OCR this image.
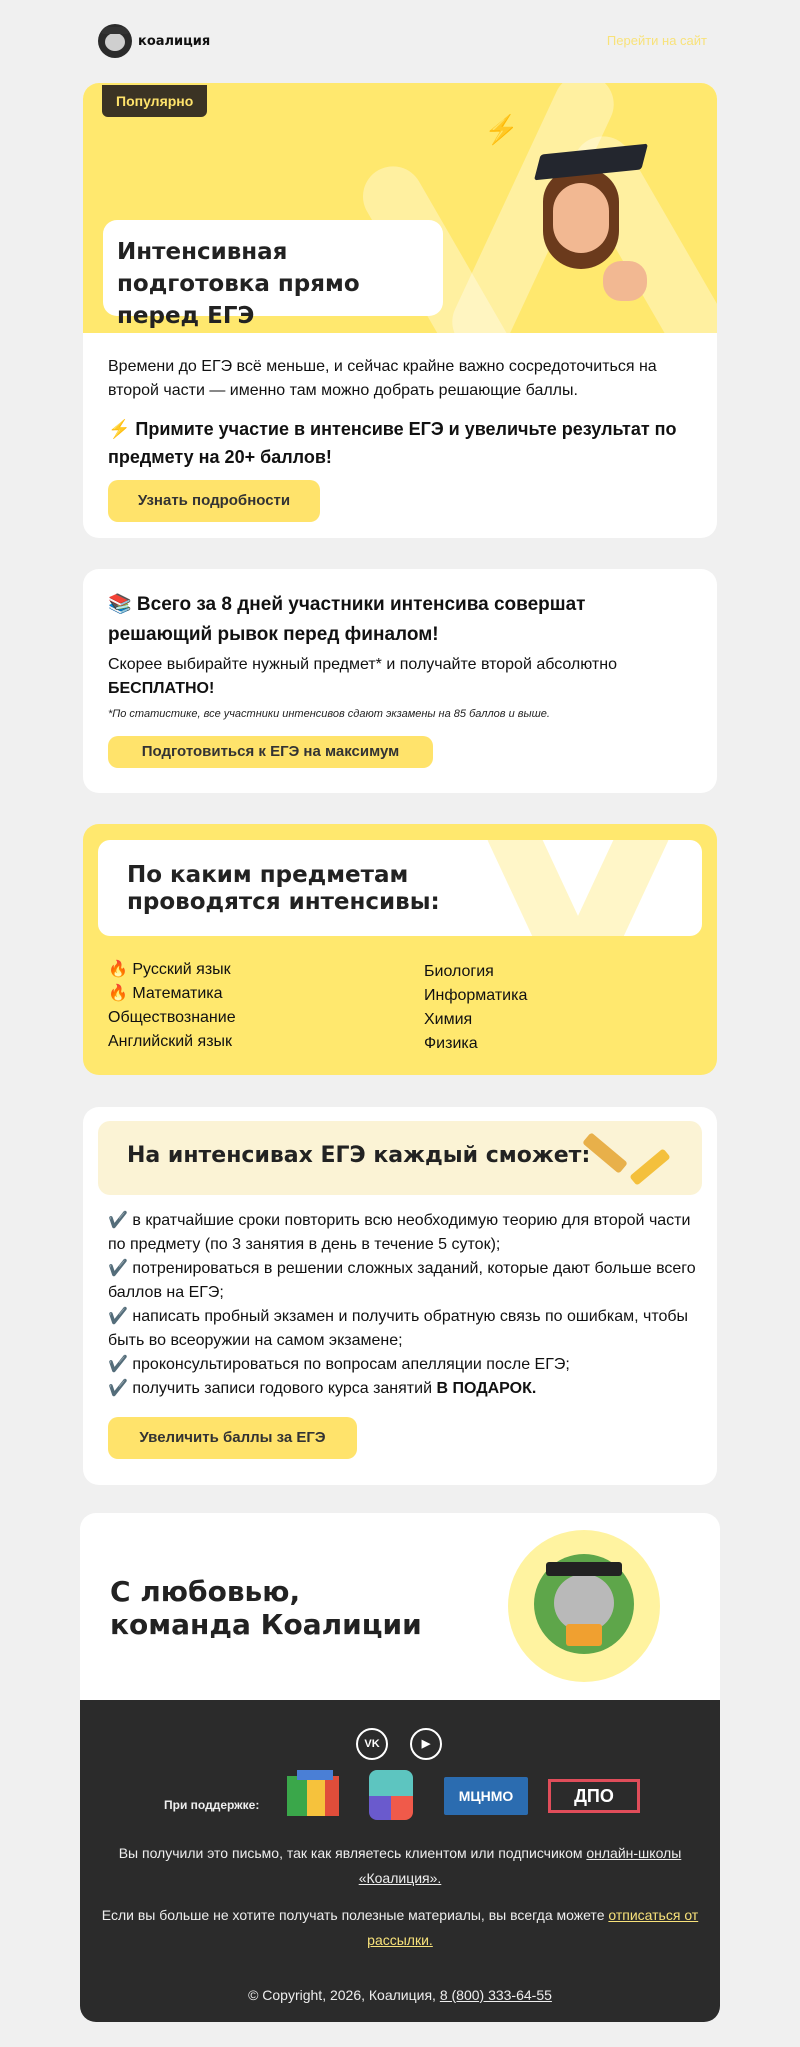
коалиция	Перейти на сайт
Популярно
⚡
Интенсивная подготовка прямо перед ЕГЭ
Времени до ЕГЭ всё меньше, и сейчас крайне важно сосредоточиться на второй части — именно там можно добрать решающие баллы.
⚡ Примите участие в интенсиве ЕГЭ и увеличьте результат по предмету на 20+ баллов!
Узнать подробности
📚 Всего за 8 дней участники интенсива совершат решающий рывок перед финалом!
Скорее выбирайте нужный предмет* и получайте второй абсолютно БЕСПЛАТНО!
*По статистике, все участники интенсивов сдают экзамены на 85 баллов и выше.
Подготовиться к ЕГЭ на максимум
По каким предметам проводятся интенсивы:
🔥 Русский язык
🔥 Математика
Обществознание
Английский язык
Биология
Информатика
Химия
Физика
На интенсивах ЕГЭ каждый сможет:
✔️ в кратчайшие сроки повторить всю необходимую теорию для второй части по предмету (по 3 занятия в день в течение 5 суток);
✔️ потренироваться в решении сложных заданий, которые дают больше всего баллов на ЕГЭ;
✔️ написать пробный экзамен и получить обратную связь по ошибкам, чтобы быть во всеоружии на самом экзамене;
✔️ проконсультироваться по вопросам апелляции после ЕГЭ;
✔️ получить записи годового курса занятий В ПОДАРОК.
Увеличить баллы за ЕГЭ
С любовью,
команда Коалиции
VK	▶
При поддержке:
МЦНМО	ДПО
Вы получили это письмо, так как являетесь клиентом или подписчиком онлайн-школы «Коалиция».
Если вы больше не хотите получать полезные материалы, вы всегда можете отписаться от рассылки.
© Copyright, 2026, Коалиция, 8 (800) 333-64-55
